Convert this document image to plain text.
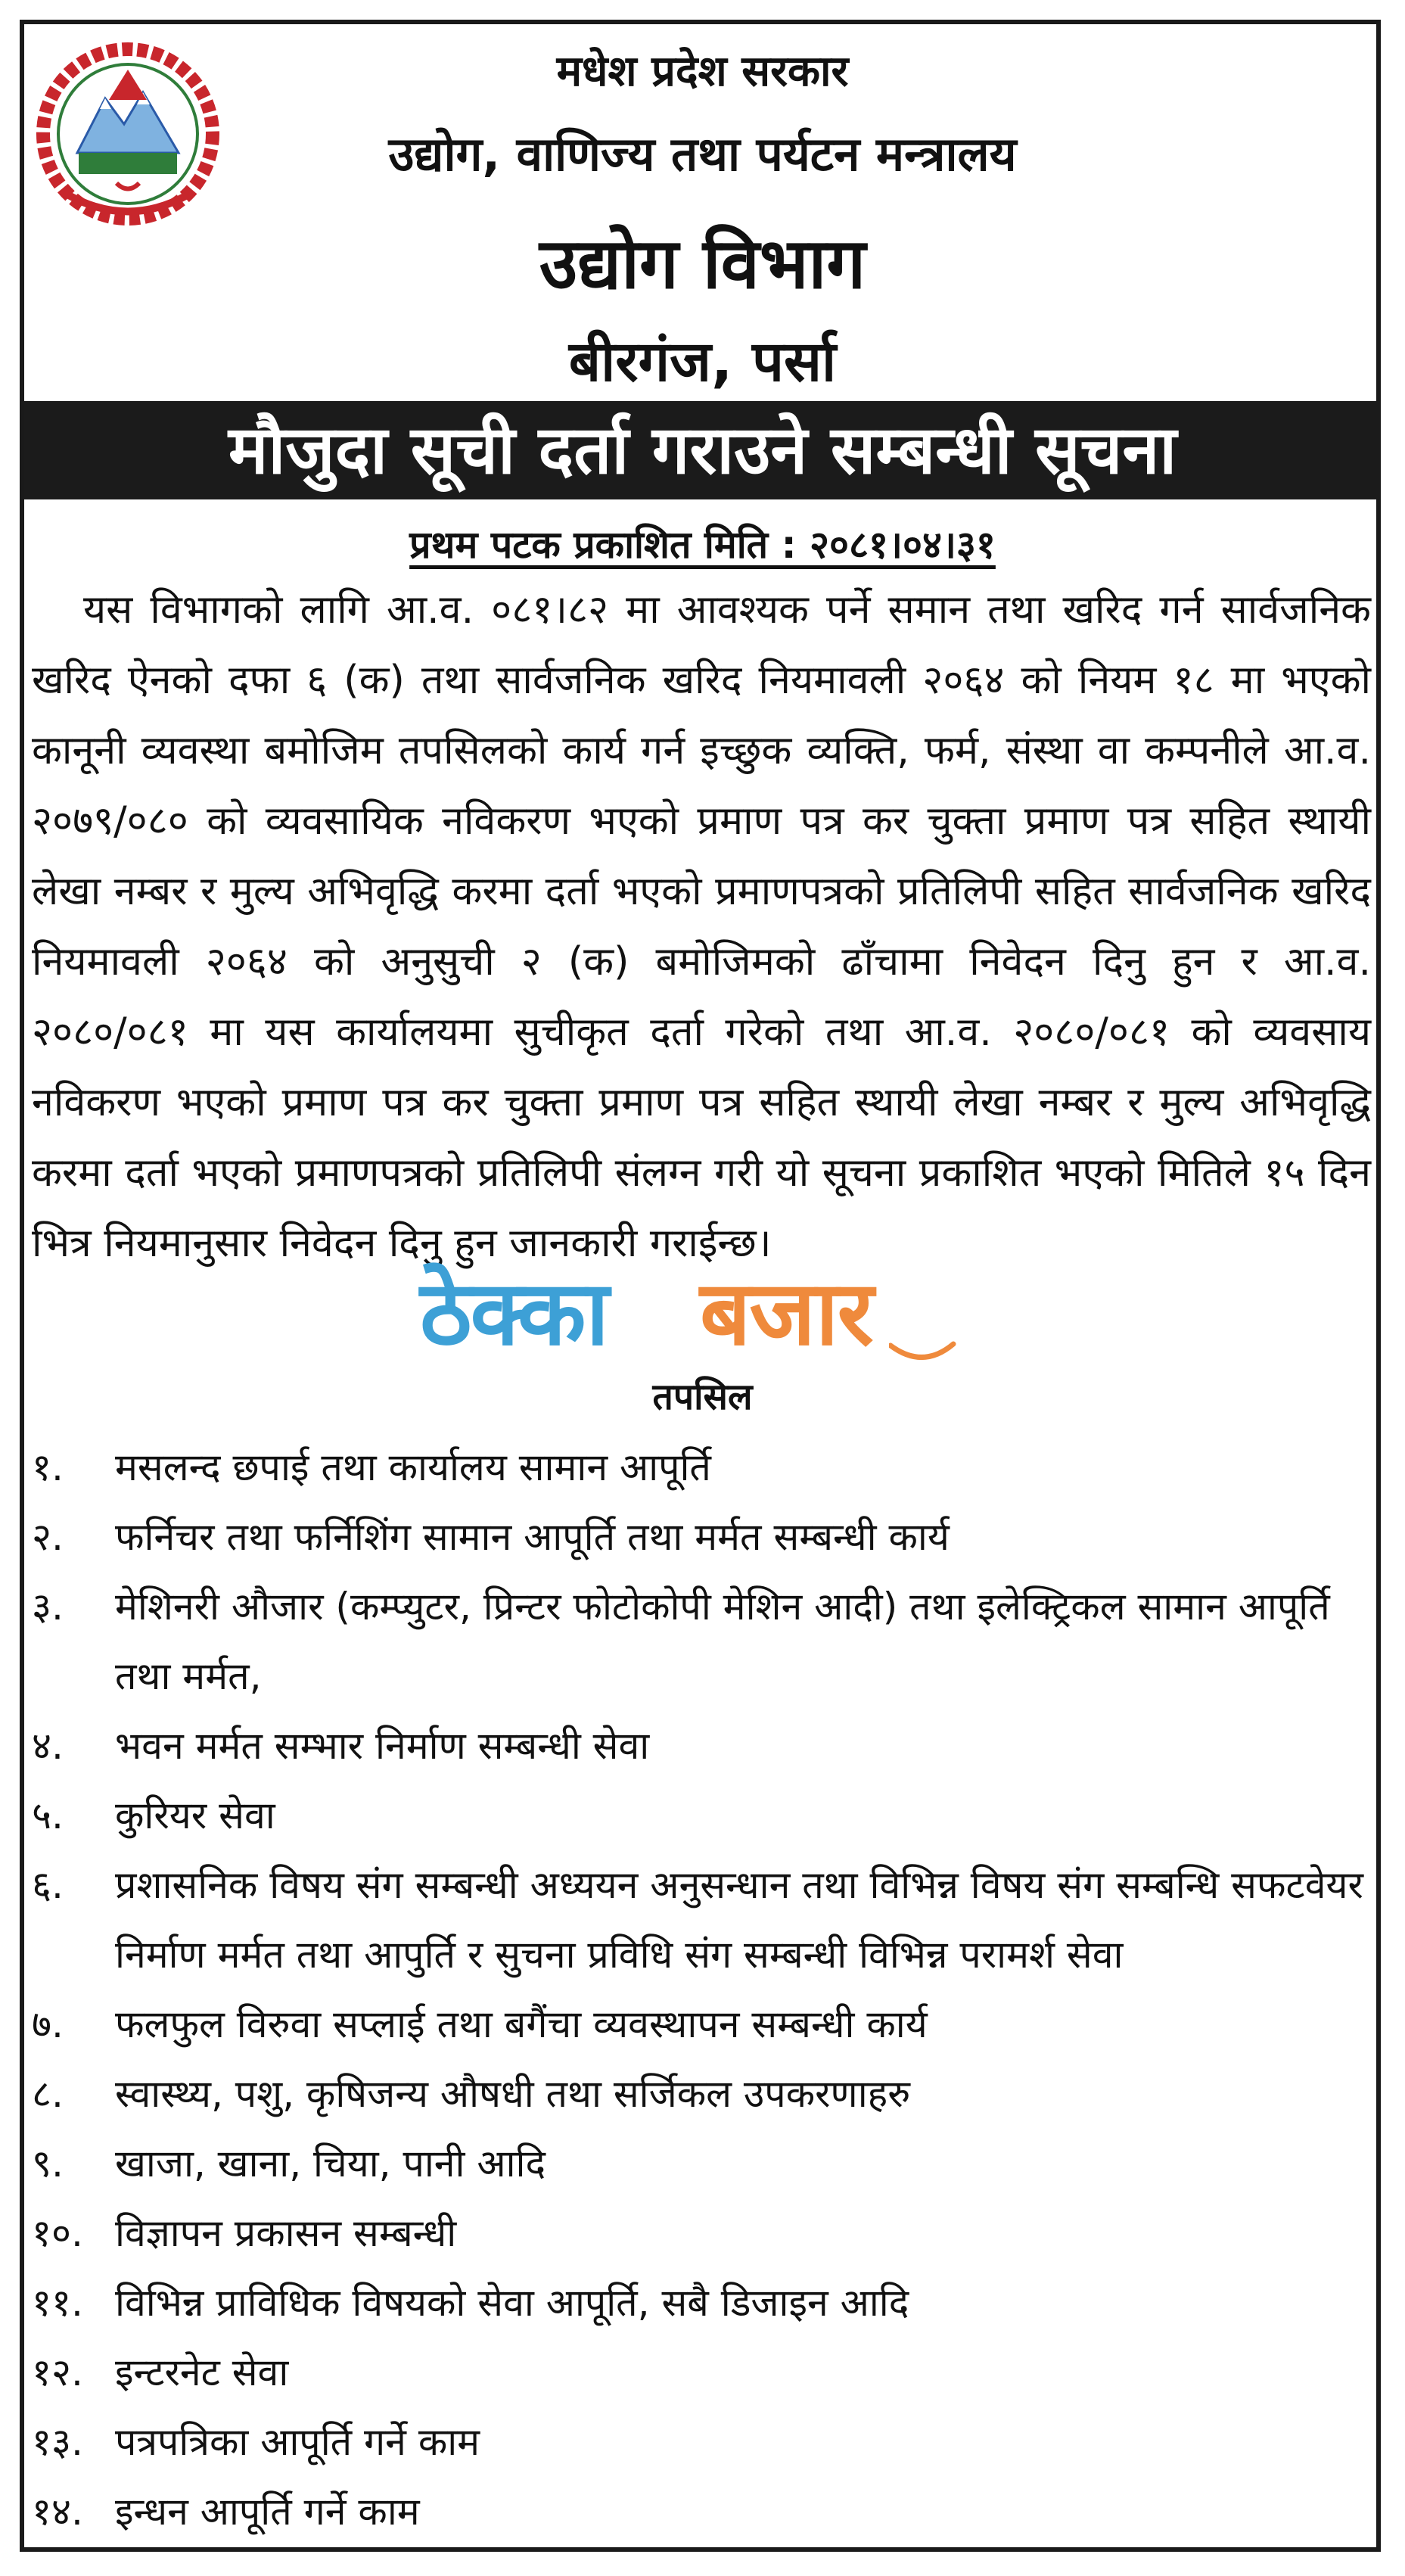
मधेश प्रदेश सरकार
उद्योग, वाणिज्य तथा पर्यटन मन्त्रालय
उद्योग विभाग
बीरगंज, पर्सा
मौजुदा सूची दर्ता गराउने सम्बन्धी सूचना
प्रथम पटक प्रकाशित मिति : २०८१।०४।३१

यस विभागको लागि आ.व. ०८१।८२ मा आवश्यक पर्ने समान तथा खरिद गर्न सार्वजनिक खरिद ऐनको दफा ६ (क) तथा सार्वजनिक खरिद नियमावली २०६४ को नियम १८ मा भएको कानूनी व्यवस्था बमोजिम तपसिलको कार्य गर्न इच्छुक व्यक्ति, फर्म, संस्था वा कम्पनीले आ.व. २०७९/०८० को व्यवसायिक नविकरण भएको प्रमाण पत्र कर चुक्ता प्रमाण पत्र सहित स्थायी लेखा नम्बर र मुल्य अभिवृद्धि करमा दर्ता भएको प्रमाणपत्रको प्रतिलिपी सहित सार्वजनिक खरिद नियमावली २०६४ को अनुसुची २ (क) बमोजिमको ढाँचामा निवेदन दिनु हुन र आ.व. २०८०/०८१ मा यस कार्यालयमा सुचीकृत दर्ता गरेको तथा आ.व. २०८०/०८१ को व्यवसाय नविकरण भएको प्रमाण पत्र कर चुक्ता प्रमाण पत्र सहित स्थायी लेखा नम्बर र मुल्य अभिवृद्धि करमा दर्ता भएको प्रमाणपत्रको प्रतिलिपी संलग्न गरी यो सूचना प्रकाशित भएको मितिले १५ दिन भित्र नियमानुसार निवेदन दिनु हुन जानकारी गराईन्छ।

ठेक्का बजार
तपसिल
१. मसलन्द छपाई तथा कार्यालय सामान आपूर्ति
२. फर्निचर तथा फर्निशिंग सामान आपूर्ति तथा मर्मत सम्बन्धी कार्य
३. मेशिनरी औजार (कम्प्युटर, प्रिन्टर फोटोकोपी मेशिन आदी) तथा इलेक्ट्रिकल सामान आपूर्ति तथा मर्मत,
४. भवन मर्मत सम्भार निर्माण सम्बन्धी सेवा
५. कुरियर सेवा
६. प्रशासनिक विषय संग सम्बन्धी अध्ययन अनुसन्धान तथा विभिन्न विषय संग सम्बन्धि सफटवेयर निर्माण मर्मत तथा आपुर्ति र सुचना प्रविधि संग सम्बन्धी विभिन्न परामर्श सेवा
७. फलफुल विरुवा सप्लाई तथा बगैंचा व्यवस्थापन सम्बन्धी कार्य
८. स्वास्थ्य, पशु, कृषिजन्य औषधी तथा सर्जिकल उपकरणाहरु
९. खाजा, खाना, चिया, पानी आदि
१०. विज्ञापन प्रकासन सम्बन्धी
११. विभिन्न प्राविधिक विषयको सेवा आपूर्ति, सबै डिजाइन आदि
१२. इन्टरनेट सेवा
१३. पत्रपत्रिका आपूर्ति गर्ने काम
१४. इन्धन आपूर्ति गर्ने काम
